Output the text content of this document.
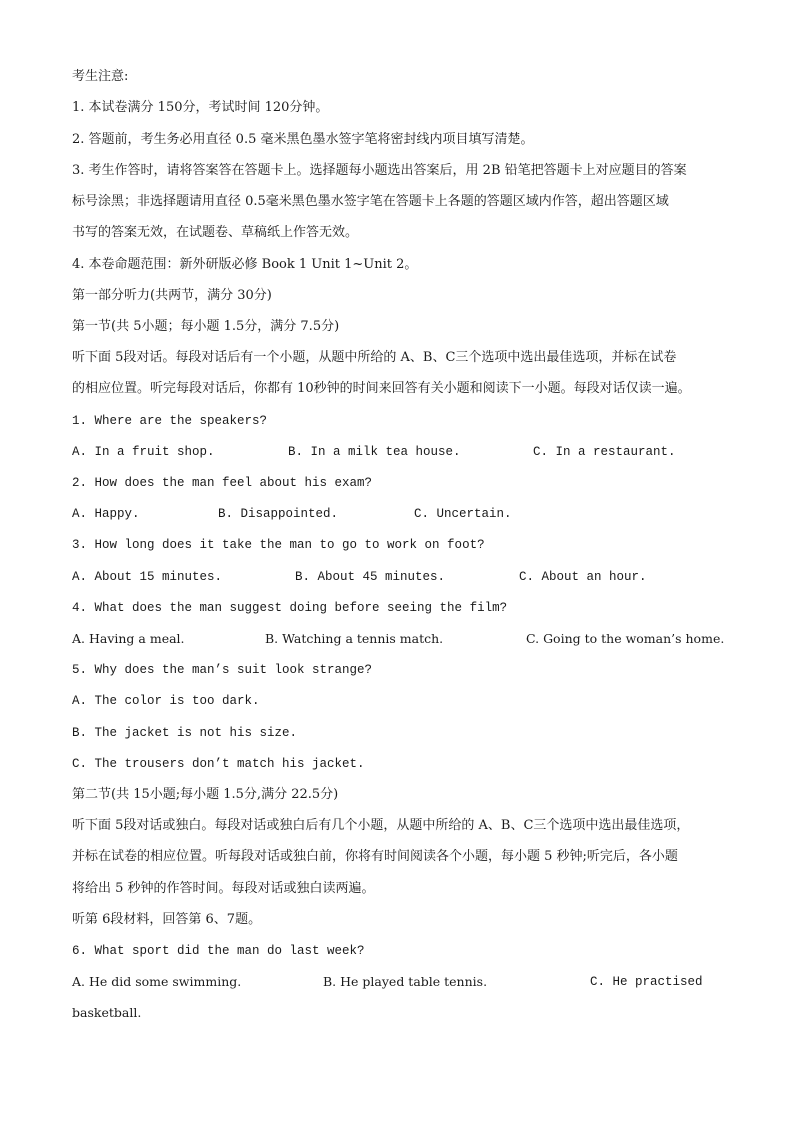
考生注意:
1. 本试卷满分 150分，考试时间 120分钟。
2. 答题前，考生务必用直径 0.5 毫米黑色墨水签字笔将密封线内项目填写清楚。
3. 考生作答时，请将答案答在答题卡上。选择题每小题选出答案后，用 2B 铅笔把答题卡上对应题目的答案
标号涂黑；非选择题请用直径 0.5毫米黑色墨水签字笔在答题卡上各题的答题区域内作答，超出答题区域
书写的答案无效，在试题卷、草稿纸上作答无效。
4. 本卷命题范围：新外研版必修 Book 1 Unit 1~Unit 2。
第一部分听力(共两节，满分 30分)
第一节(共 5小题；每小题 1.5分，满分 7.5分)
听下面 5段对话。每段对话后有一个小题，从题中所给的 A、B、C三个选项中选出最佳选项，并标在试卷
的相应位置。听完每段对话后，你都有 10秒钟的时间来回答有关小题和阅读下一小题。每段对话仅读一遍。
1. Where are the speakers?
A. In a fruit shop.	B. In a milk tea house.	C. In a restaurant.
2. How does the man feel about his exam?
A. Happy.	B. Disappointed.	C. Uncertain.
3. How long does it take the man to go to work on foot?
A. About 15 minutes.	B. About 45 minutes.	C. About an hour.
4. What does the man suggest doing before seeing the film?
A. Having a meal.	B. Watching a tennis match.	C. Going to the woman’s home.
5. Why does the man’s suit look strange?
A. The color is too dark.
B. The jacket is not his size.
C. The trousers don’t match his jacket.
第二节(共 15小题;每小题 1.5分,满分 22.5分)
听下面 5段对话或独白。每段对话或独白后有几个小题，从题中所给的 A、B、C三个选项中选出最佳选项，
并标在试卷的相应位置。听每段对话或独白前，你将有时间阅读各个小题，每小题 5 秒钟;听完后，各小题
将给出 5 秒钟的作答时间。每段对话或独白读两遍。
听第 6段材料，回答第 6、7题。
6. What sport did the man do last week?
A. He did some swimming.	B. He played table tennis.	C. He practised
basketball.
